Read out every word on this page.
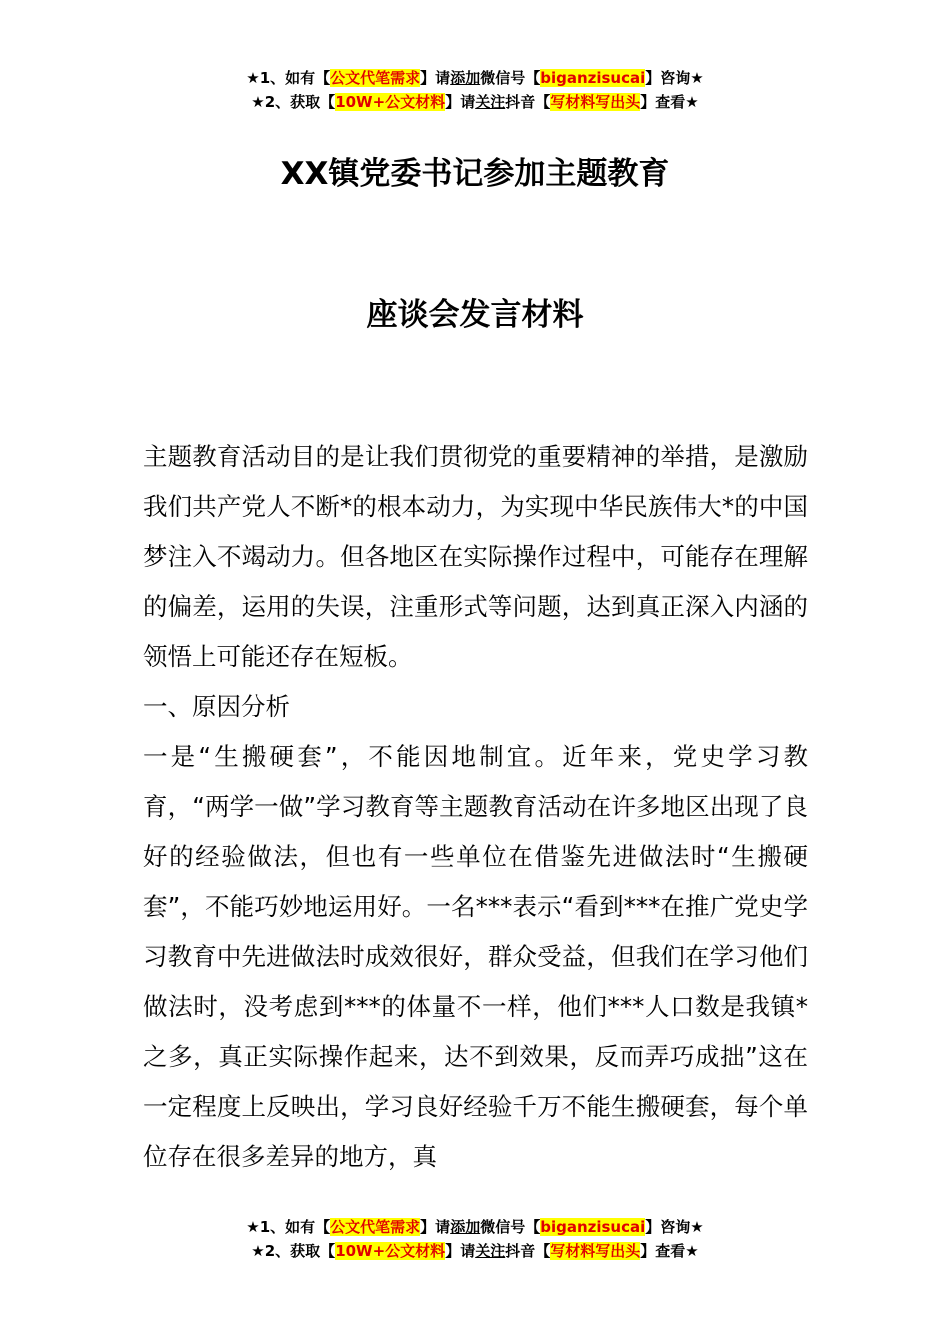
★1、如有【公文代笔需求】请添加微信号【biganzisucai】咨询★
★2、获取【10W+公文材料】请关注抖音【写材料写出头】查看★
XX镇党委书记参加主题教育
座谈会发言材料

主题教育活动目的是让我们贯彻党的重要精神的举措，是激励我们共产党人不断*的根本动力，为实现中华民族伟大*的中国梦注入不竭动力。但各地区在实际操作过程中，可能存在理解的偏差，运用的失误，注重形式等问题，达到真正深入内涵的领悟上可能还存在短板。

一、原因分析

一是“生搬硬套”，不能因地制宜。近年来，党史学习教育，“两学一做”学习教育等主题教育活动在许多地区出现了良好的经验做法，但也有一些单位在借鉴先进做法时“生搬硬套”，不能巧妙地运用好。一名***表示“看到***在推广党史学习教育中先进做法时成效很好，群众受益，但我们在学习他们做法时，没考虑到***的体量不一样，他们***人口数是我镇*之多，真正实际操作起来，达不到效果，反而弄巧成拙”这在一定程度上反映出，学习良好经验千万不能生搬硬套，每个单位存在很多差异的地方，真

★1、如有【公文代笔需求】请添加微信号【biganzisucai】咨询★
★2、获取【10W+公文材料】请关注抖音【写材料写出头】查看★
